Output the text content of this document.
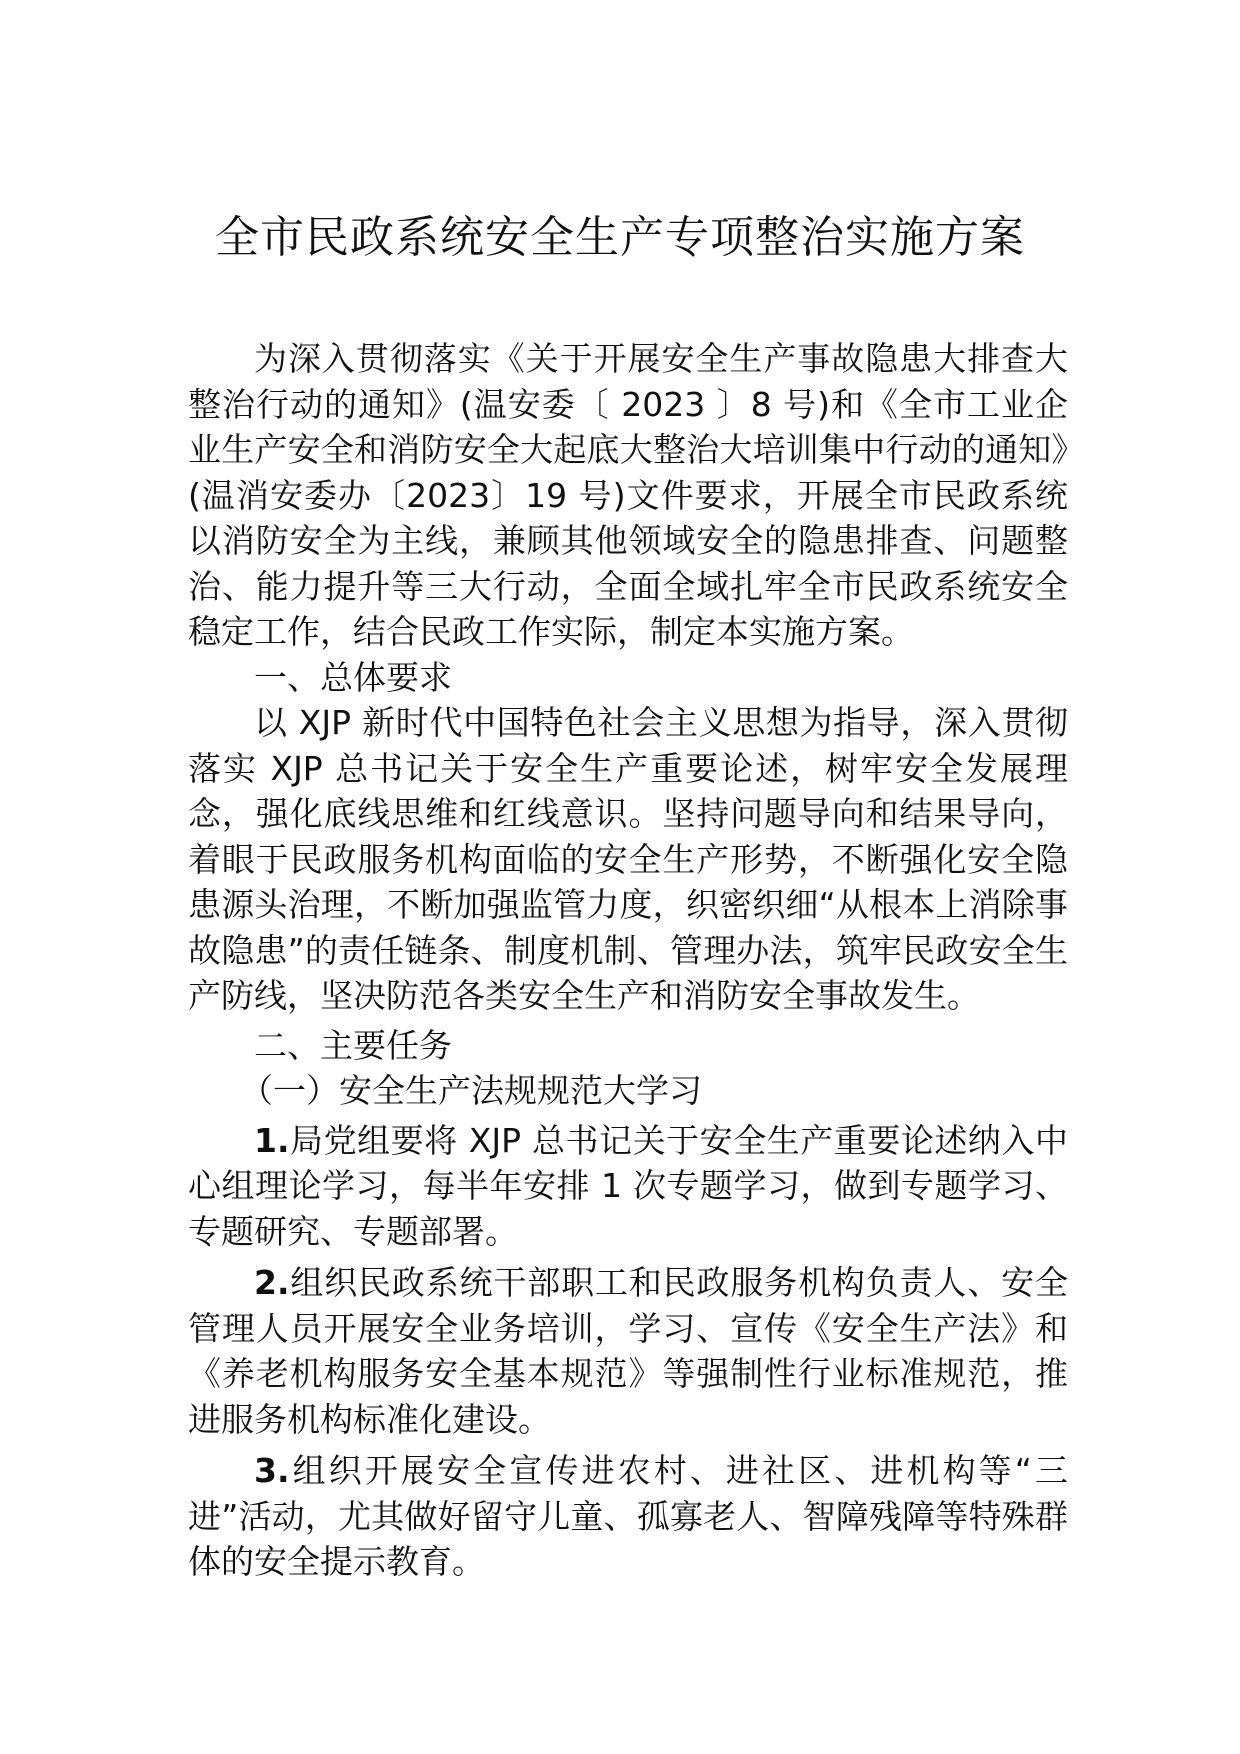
全市民政系统安全生产专项整治实施方案

为深入贯彻落实《关于开展安全生产事故隐患大排查大整治行动的通知》(温安委〔 2023 〕8 号)和《全市工业企业生产安全和消防安全大起底大整治大培训集中行动的通知》(温消安委办〔2023〕19 号)文件要求，开展全市民政系统以消防安全为主线，兼顾其他领域安全的隐患排查、问题整治、能力提升等三大行动，全面全域扎牢全市民政系统安全稳定工作，结合民政工作实际，制定本实施方案。

一、总体要求

以 XJP 新时代中国特色社会主义思想为指导，深入贯彻落实 XJP 总书记关于安全生产重要论述，树牢安全发展理念，强化底线思维和红线意识。坚持问题导向和结果导向，着眼于民政服务机构面临的安全生产形势，不断强化安全隐患源头治理，不断加强监管力度，织密织细“从根本上消除事故隐患”的责任链条、制度机制、管理办法，筑牢民政安全生产防线，坚决防范各类安全生产和消防安全事故发生。

二、主要任务

（一）安全生产法规规范大学习

1.局党组要将 XJP 总书记关于安全生产重要论述纳入中心组理论学习，每半年安排 1 次专题学习，做到专题学习、专题研究、专题部署。

2.组织民政系统干部职工和民政服务机构负责人、安全管理人员开展安全业务培训，学习、宣传《安全生产法》和《养老机构服务安全基本规范》等强制性行业标准规范，推进服务机构标准化建设。

3.组织开展安全宣传进农村、进社区、进机构等“三进”活动，尤其做好留守儿童、孤寡老人、智障残障等特殊群体的安全提示教育。
